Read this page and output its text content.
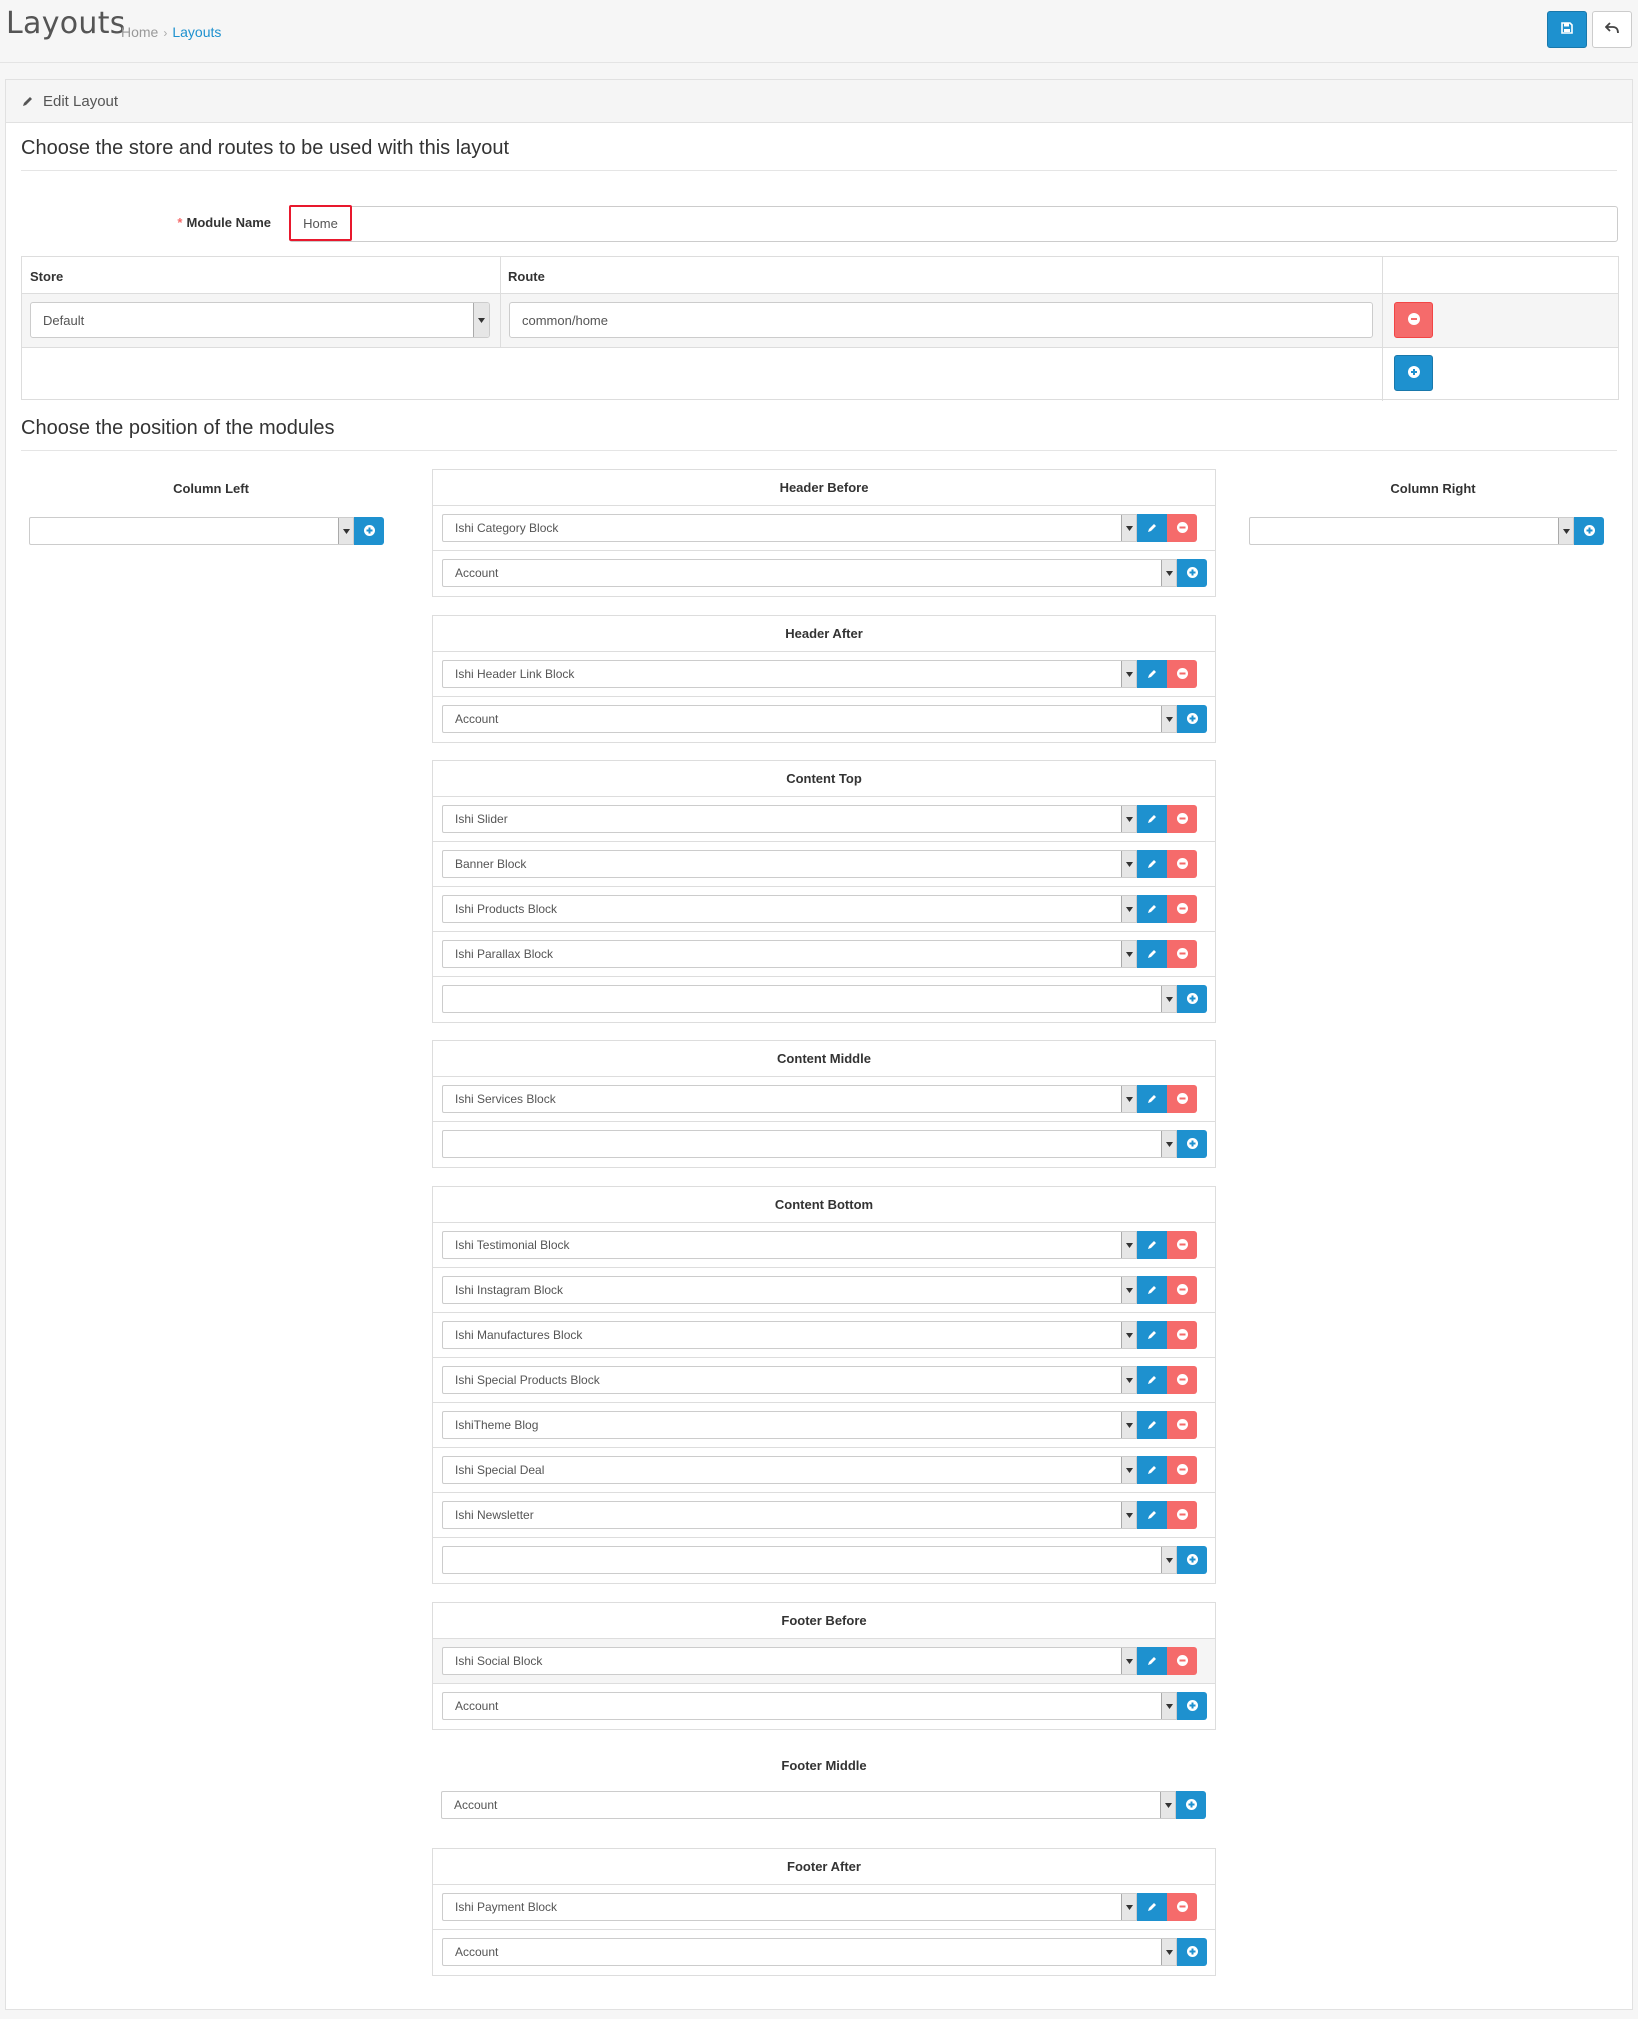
Layouts
Home › Layouts
Edit Layout
Choose the store and routes to be used with this layout
* Module Name	Home
Store	Route
Default	common/home
Choose the position of the modules
Column Left	Column Right
Header Before
Ishi Category Block
Account
Header After
Ishi Header Link Block
Account
Content Top
Ishi Slider
Banner Block
Ishi Products Block
Ishi Parallax Block
Content Middle
Ishi Services Block
Content Bottom
Ishi Testimonial Block
Ishi Instagram Block
Ishi Manufactures Block
Ishi Special Products Block
IshiTheme Blog
Ishi Special Deal
Ishi Newsletter
Footer Before
Ishi Social Block
Account
Footer Middle
Account
Footer After
Ishi Payment Block
Account
